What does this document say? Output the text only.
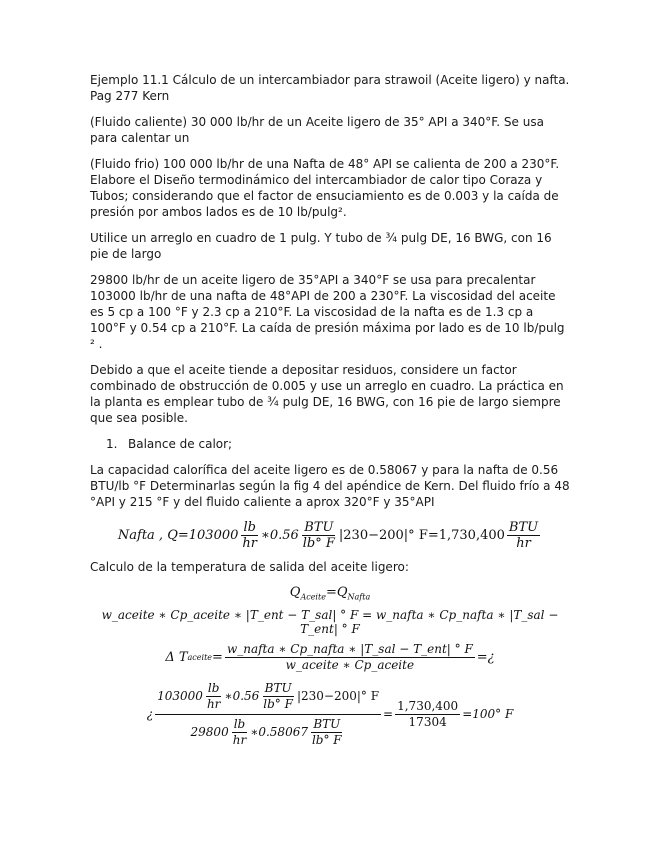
Ejemplo 11.1 Cálculo de un intercambiador para strawoil (Aceite ligero) y nafta. Pag 277 Kern

(Fluido caliente) 30 000 lb/hr de un Aceite ligero de 35° API a 340°F. Se usa para calentar un

(Fluido frio) 100 000 lb/hr de una Nafta de 48° API se calienta de 200 a 230°F. Elabore el Diseño termodinámico del intercambiador de calor tipo Coraza y Tubos; considerando que el factor de ensuciamiento es de 0.003 y la caída de presión por ambos lados es de 10 lb/pulg².

Utilice un arreglo en cuadro de 1 pulg. Y tubo de ¾ pulg DE, 16 BWG, con 16 pie de largo

29800 lb/hr de un aceite ligero de 35°API a 340°F se usa para precalentar 103000 lb/hr de una nafta de 48°API de 200 a 230°F. La viscosidad del aceite es 5 cp a 100 °F y 2.3 cp a 210°F. La viscosidad de la nafta es de 1.3 cp a 100°F y 0.54 cp a 210°F. La caída de presión máxima por lado es de 10 lb/pulg ² .

Debido a que el aceite tiende a depositar residuos, considere un factor combinado de obstrucción de 0.005 y use un arreglo en cuadro. La práctica en la planta es emplear tubo de ¾ pulg DE, 16 BWG, con 16 pie de largo siempre que sea posible.

1. Balance de calor;

La capacidad calorífica del aceite ligero es de 0.58067 y para la nafta de 0.56 BTU/lb °F Determinarlas según la fig 4 del apéndice de Kern. Del fluido frío a 48 °API y 215 °F y del fluido caliente a aprox 320°F y 35°API

Nafta , $Q=103000 \frac{lb}{hr}$ ∗0.56 $\frac{\text{BTU}}{lb^\circ F} |230-200|^\circ$ $F=1,730,400 \frac{\text{BTU}}{hr}$

Calculo de la temperatura de salida del aceite ligero:

$Q_{Aceite}=Q_{Nafta}$
w_aceite ∗ Cp_aceite ∗ |T_ent − T_sal| ° F = w_nafta ∗ Cp_nafta ∗ |T_sal − T_ent| ° F
Δ T aceite = $\frac{\text{w\_nafta ∗ Cp\_nafta ∗ |T\_sal − T\_ent| ° F}}{\text{w\_aceite ∗ Cp\_aceite}}$ =¿
¿ $\frac{103000 \frac{lb}{hr} ∗0.56 \frac{\text{BTU}}{lb^\circ F} |230-200|^\circ F}{29800 \frac{lb}{hr} ∗0.58067 \frac{\text{BTU}}{lb^\circ F}} = \frac{1,730,400}{17304} =100^\circ$ F
